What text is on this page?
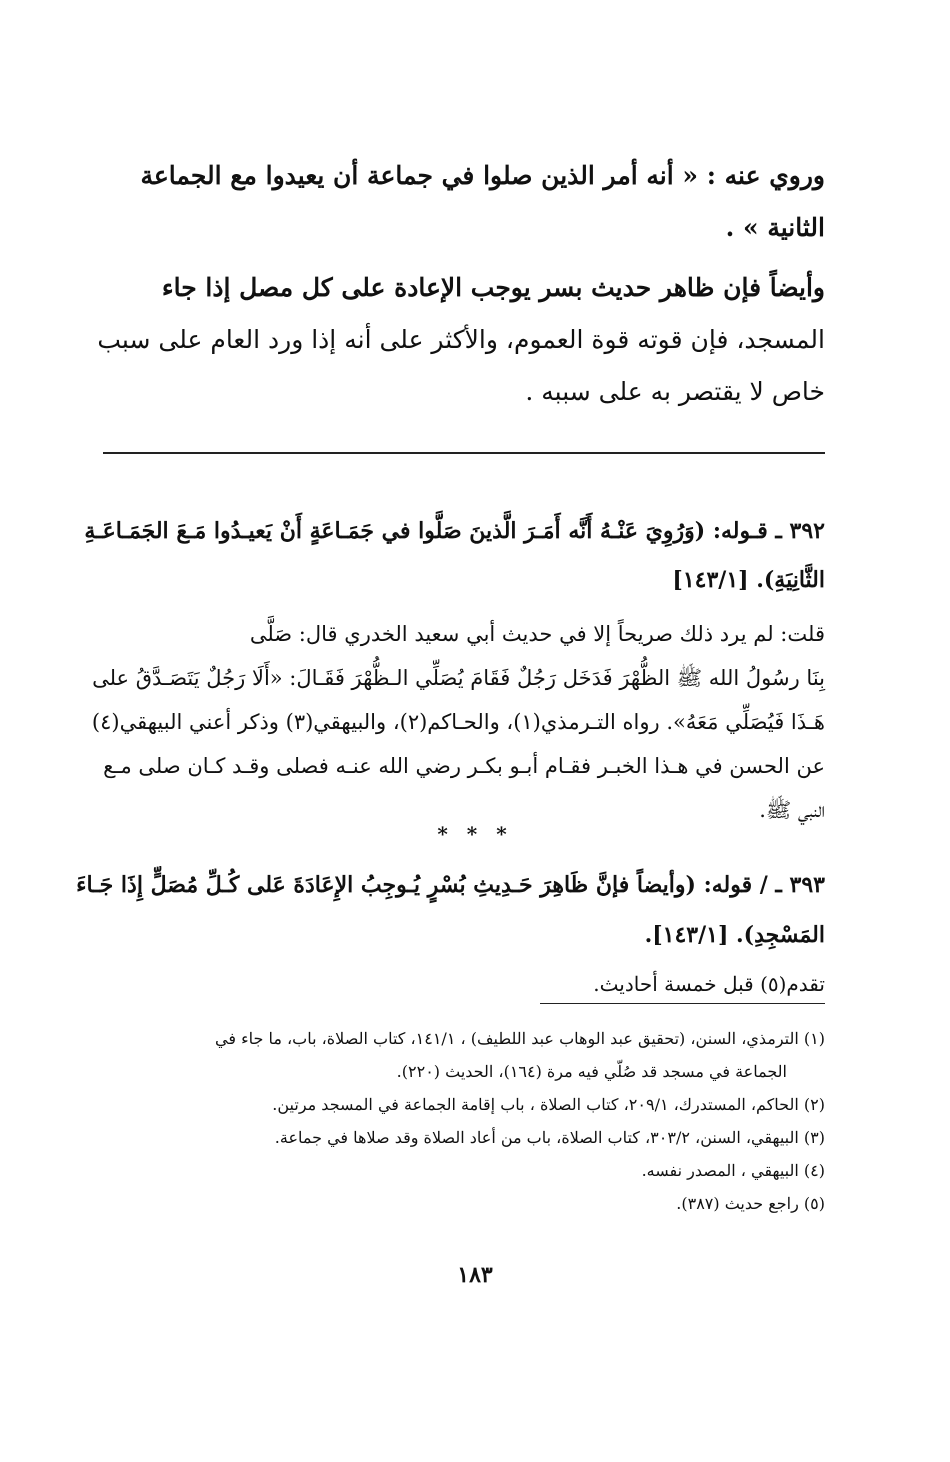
وروي عنه : « أنه أمر الذين صلوا في جماعة أن يعيدوا مع الجماعة
الثانية » .
وأيضاً فإن ظاهر حديث بسر يوجب الإعادة على كل مصل إذا جاء
المسجد، فإن قوته قوة العموم، والأكثر على أنه إذا ورد العام على سبب
خاص لا يقتصر به على سببه .
٣٩٢ ـ قـوله: (وَرُوِيَ عَنْـهُ أَنَّه أَمَـرَ الَّذينَ صَلَّوا في جَمَـاعَةٍ أَنْ يَعيـدُوا مَـعَ الجَمَـاعَـةِ
الثَّانِيَةِ). [١٤٣/١]
قلت: لم يرد ذلك صريحاً إلا في حديث أبي سعيد الخدري قال: صَلَّى
بِنَا رسُولُ الله ﷺ الظُّهْرَ فَدَخَل رَجُلٌ فَقَامَ يُصَلِّي الـظُّهْرَ فَقَـالَ: «أَلَا رَجُلٌ يَتَصَـدَّقُ على
هَـذَا فَيُصَلِّي مَعَهُ». رواه التـرمذي(١)، والحـاكم(٢)، والبيهقي(٣) وذكر أعني البيهقي(٤)
عن الحسن في هـذا الخبـر فقـام أبـو بكـر رضي الله عنـه فصلى وقـد كـان صلى مـع
النبي ﷺ.
* * *
٣٩٣ ـ / قوله: (وأيضاً فإنَّ ظَاهِرَ حَـدِيثِ بُسْرٍ يُـوجِبُ الإِعَادَةَ عَلى كُـلِّ مُصَلٍّ إِذَا جَـاءَ
المَسْجِدِ). [١٤٣/١].
تقدم(٥) قبل خمسة أحاديث.
(١) الترمذي، السنن، (تحقيق عبد الوهاب عبد اللطيف) ، ١٤١/١، كتاب الصلاة، باب، ما جاء في
الجماعة في مسجد قد صُلّي فيه مرة (١٦٤)، الحديث (٢٢٠).
(٢) الحاكم، المستدرك، ٢٠٩/١، كتاب الصلاة ، باب إقامة الجماعة في المسجد مرتين.
(٣) البيهقي، السنن، ٣٠٣/٢، كتاب الصلاة، باب من أعاد الصلاة وقد صلاها في جماعة.
(٤) البيهقي ، المصدر نفسه.
(٥) راجع حديث (٣٨٧).
١٨٣
